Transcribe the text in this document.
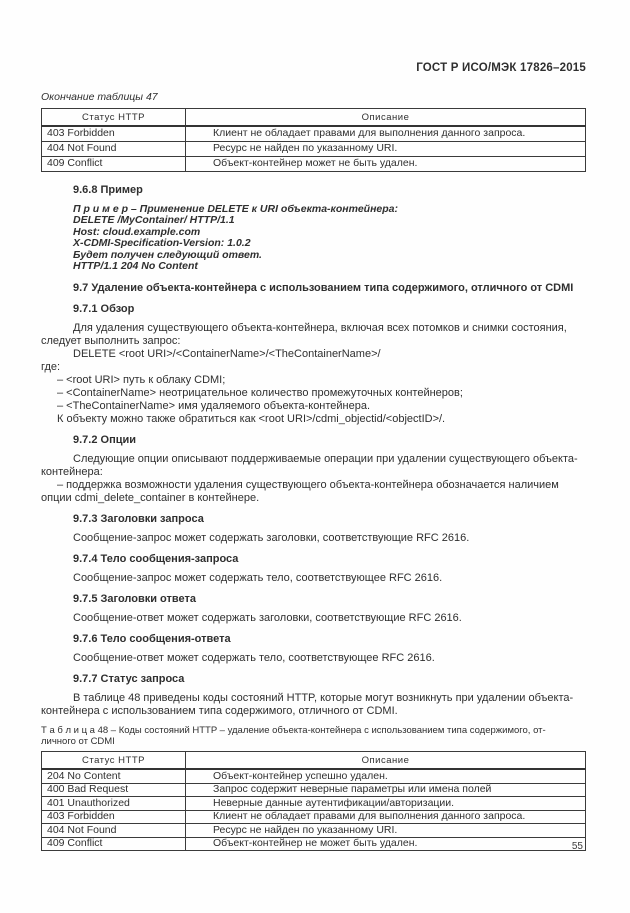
ГОСТ Р ИСО/МЭК 17826–2015
Окончание таблицы 47
Статус HTTP	Описание
403 Forbidden	Клиент не обладает правами для выполнения данного запроса.
404 Not Found	Ресурс не найден по указанному URI.
409 Conflict	Объект-контейнер может не быть удален.
9.6.8 Пример
П р и м е р – Применение DELETE к URI объекта-контейнера:
DELETE /MyContainer/ HTTP/1.1
Host: cloud.example.com
X-CDMI-Specification-Version: 1.0.2
Будет получен следующий ответ.
HTTP/1.1 204 No Content
9.7 Удаление объекта-контейнера с использованием типа содержимого, отличного от CDMI
9.7.1 Обзор
Для удаления существующего объекта-контейнера, включая всех потомков и снимки состояния, следует выполнить запрос:
DELETE <root URI>/<ContainerName>/<TheContainerName>/
где:
– <root URI> путь к облаку CDMI;
– <ContainerName> неотрицательное количество промежуточных контейнеров;
– <TheContainerName> имя удаляемого объекта-контейнера.
К объекту можно также обратиться как <root URI>/cdmi_objectid/<objectID>/.
9.7.2 Опции
Следующие опции описывают поддерживаемые операции при удалении существующего объекта-контейнера:
– поддержка возможности удаления существующего объекта-контейнера обозначается наличием опции cdmi_delete_container в контейнере.
9.7.3 Заголовки запроса
Сообщение-запрос может содержать заголовки, соответствующие RFC 2616.
9.7.4 Тело сообщения-запроса
Сообщение-запрос может содержать тело, соответствующее RFC 2616.
9.7.5 Заголовки ответа
Сообщение-ответ может содержать заголовки, соответствующие RFC 2616.
9.7.6 Тело сообщения-ответа
Сообщение-ответ может содержать тело, соответствующее RFC 2616.
9.7.7 Статус запроса
В таблице 48 приведены коды состояний HTTP, которые могут возникнуть при удалении объекта-контейнера с использованием типа содержимого, отличного от CDMI.
Т а б л и ц а 48 – Коды состояний HTTP – удаление объекта-контейнера с использованием типа содержимого, от-
личного от CDMI
Статус HTTP	Описание
204 No Content	Объект-контейнер успешно удален.
400 Bad Request	Запрос содержит неверные параметры или имена полей
401 Unauthorized	Неверные данные аутентификации/авторизации.
403 Forbidden	Клиент не обладает правами для выполнения данного запроса.
404 Not Found	Ресурс не найден по указанному URI.
409 Conflict	Объект-контейнер не может быть удален.	55
